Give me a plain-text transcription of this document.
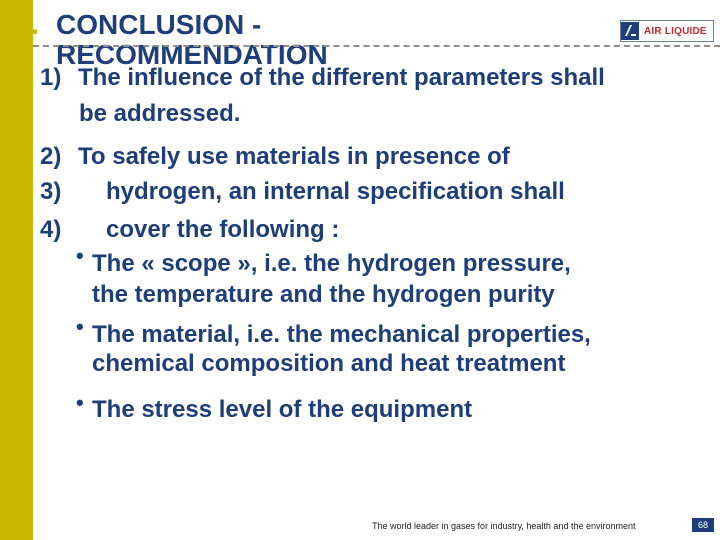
8. CONCLUSION -
RECOMMENDATION
AIR LIQUIDE
1) The influence of the different parameters shall
be addressed.
2) To safely use materials in presence of
3) hydrogen, an internal specification shall
4) cover the following :
• The « scope », i.e. the hydrogen pressure,
the temperature and the hydrogen purity
• The material, i.e. the mechanical properties,
chemical composition and heat treatment
• The stress level of the equipment
The world leader in gases for industry, health and the environment	68
